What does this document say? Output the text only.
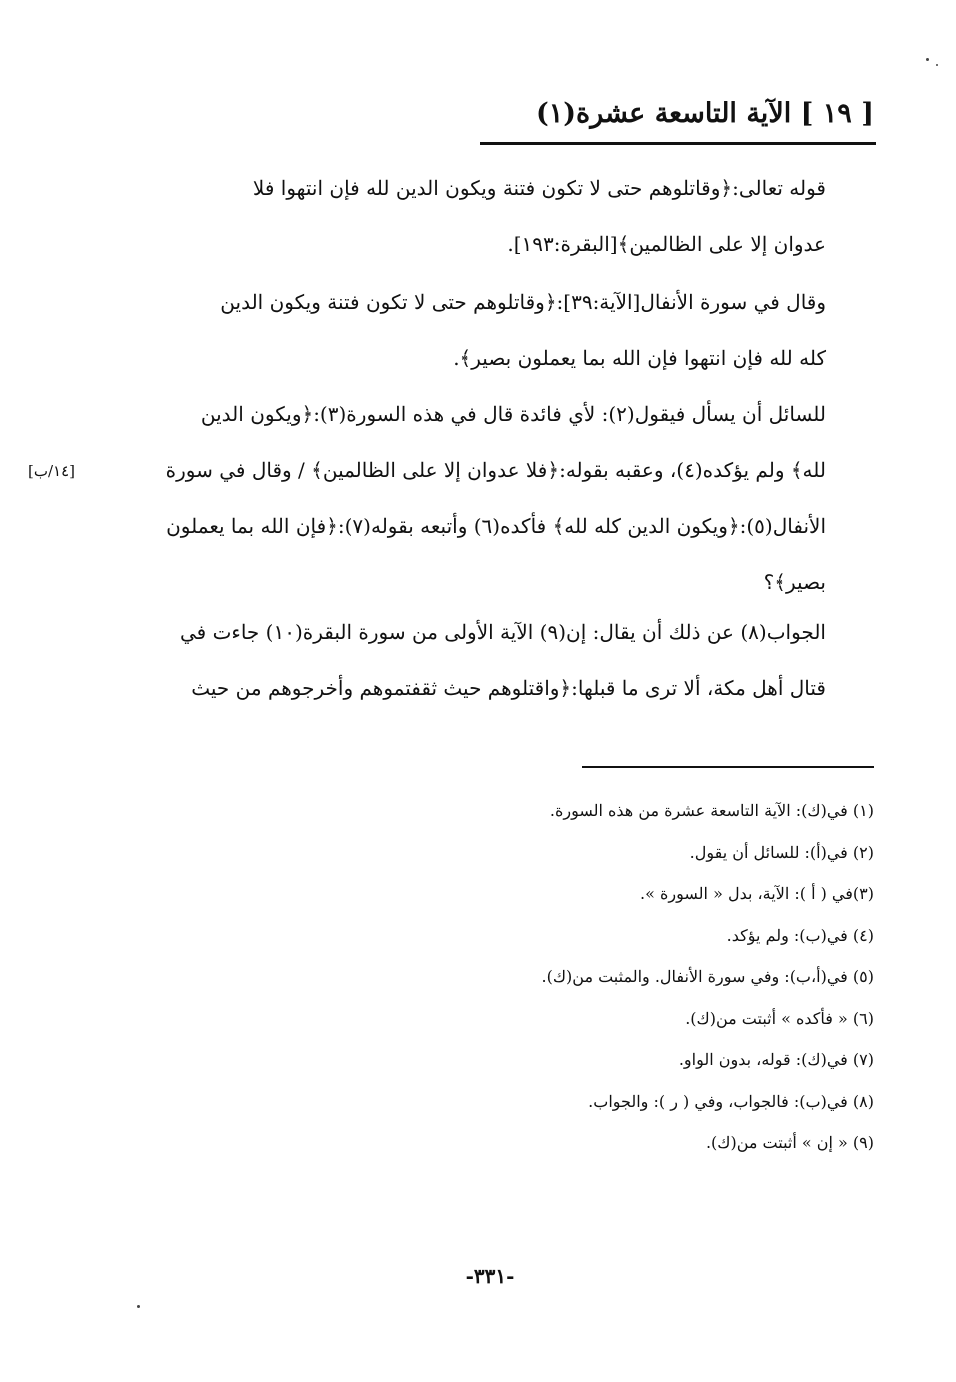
[ ١٩ ] الآية التاسعة عشرة(١)

قوله تعالى:﴿وقاتلوهم حتى لا تكون فتنة ويكون الدين لله فإن انتهوا فلا
عدوان إلا على الظالمين﴾[البقرة:١٩٣].

وقال في سورة الأنفال[الآية:٣٩]:﴿وقاتلوهم حتى لا تكون فتنة ويكون الدين
كله لله فإن انتهوا فإن الله بما يعملون بصير﴾.

للسائل أن يسأل فيقول(٢): لأي فائدة قال في هذه السورة(٣):﴿ويكون الدين
لله﴾ ولم يؤكده(٤)، وعقبه بقوله:﴿فلا عدوان إلا على الظالمين﴾ / وقال في سورة
الأنفال(٥):﴿ويكون الدين كله لله﴾ فأكده(٦) وأتبعه بقوله(٧):﴿فإن الله بما يعملون
بصير﴾؟

[١٤/ب]

الجواب(٨) عن ذلك أن يقال: إن(٩) الآية الأولى من سورة البقرة(١٠) جاءت في
قتال أهل مكة، ألا ترى ما قبلها:﴿واقتلوهم حيث ثقفتموهم وأخرجوهم من حيث

(١) في(ك): الآية التاسعة عشرة من هذه السورة.
(٢) في(أ): للسائل أن يقول.
(٣)في ( أ ): الآية، بدل « السورة ».
(٤) في(ب): ولم يؤكد.
(٥) في(أ،ب): وفي سورة الأنفال. والمثبت من(ك).
(٦) « فأكده » أثبتت من(ك).
(٧) في(ك): قوله، بدون الواو.
(٨) في(ب): فالجواب، وفي ( ر ): والجواب.
(٩) « إن » أثبتت من(ك).
-٣٣١-
